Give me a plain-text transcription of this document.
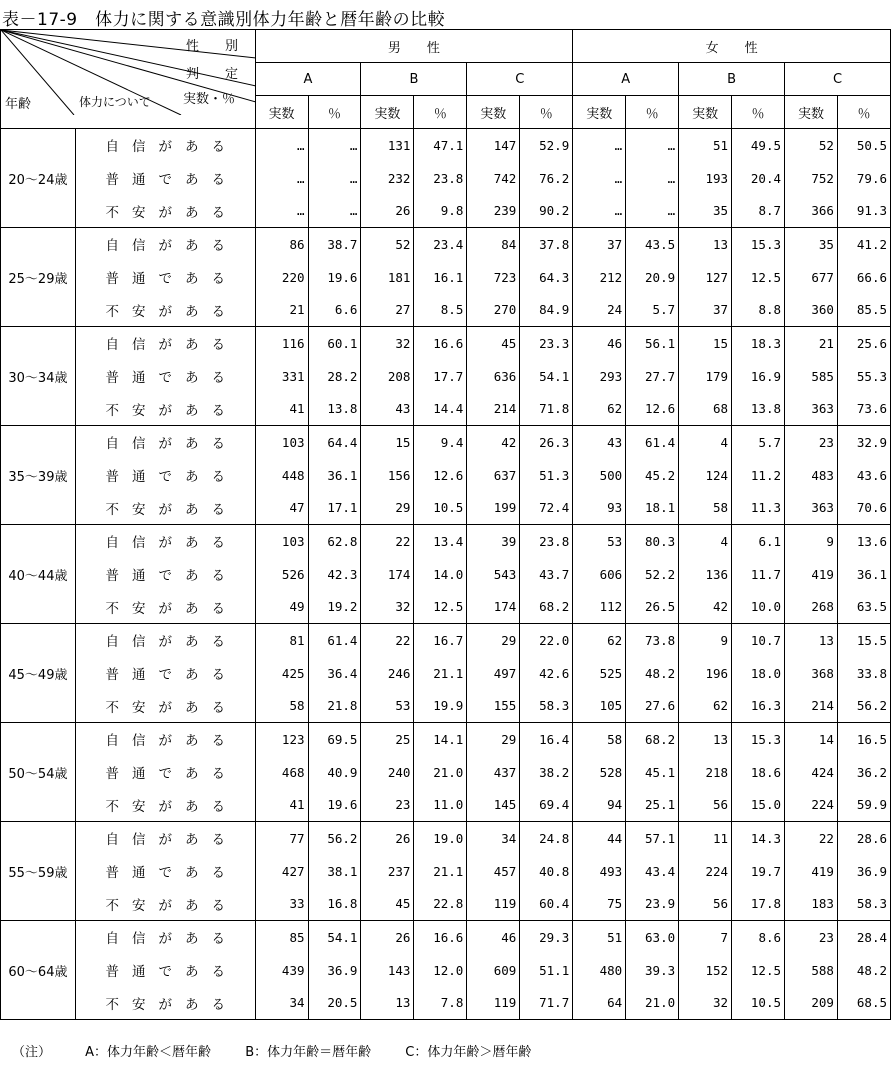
表－17-9　体力に関する意識別体力年齢と暦年齢の比較
性　　別
判　　定
実数・％
年齢 体力について		男　　性						女　　性					
		A		B		C		A		B		C	
		実数	％	実数	％	実数	％	実数	％	実数	％	実数	％
20～24歳	自信がある	…	…	131	47.1	147	52.9	…	…	51	49.5	52	50.5
	普通である	…	…	232	23.8	742	76.2	…	…	193	20.4	752	79.6
	不安がある	…	…	26	9.8	239	90.2	…	…	35	8.7	366	91.3
25～29歳	自信がある	86	38.7	52	23.4	84	37.8	37	43.5	13	15.3	35	41.2
	普通である	220	19.6	181	16.1	723	64.3	212	20.9	127	12.5	677	66.6
	不安がある	21	6.6	27	8.5	270	84.9	24	5.7	37	8.8	360	85.5
30～34歳	自信がある	116	60.1	32	16.6	45	23.3	46	56.1	15	18.3	21	25.6
	普通である	331	28.2	208	17.7	636	54.1	293	27.7	179	16.9	585	55.3
	不安がある	41	13.8	43	14.4	214	71.8	62	12.6	68	13.8	363	73.6
35～39歳	自信がある	103	64.4	15	9.4	42	26.3	43	61.4	4	5.7	23	32.9
	普通である	448	36.1	156	12.6	637	51.3	500	45.2	124	11.2	483	43.6
	不安がある	47	17.1	29	10.5	199	72.4	93	18.1	58	11.3	363	70.6
40～44歳	自信がある	103	62.8	22	13.4	39	23.8	53	80.3	4	6.1	9	13.6
	普通である	526	42.3	174	14.0	543	43.7	606	52.2	136	11.7	419	36.1
	不安がある	49	19.2	32	12.5	174	68.2	112	26.5	42	10.0	268	63.5
45～49歳	自信がある	81	61.4	22	16.7	29	22.0	62	73.8	9	10.7	13	15.5
	普通である	425	36.4	246	21.1	497	42.6	525	48.2	196	18.0	368	33.8
	不安がある	58	21.8	53	19.9	155	58.3	105	27.6	62	16.3	214	56.2
50～54歳	自信がある	123	69.5	25	14.1	29	16.4	58	68.2	13	15.3	14	16.5
	普通である	468	40.9	240	21.0	437	38.2	528	45.1	218	18.6	424	36.2
	不安がある	41	19.6	23	11.0	145	69.4	94	25.1	56	15.0	224	59.9
55～59歳	自信がある	77	56.2	26	19.0	34	24.8	44	57.1	11	14.3	22	28.6
	普通である	427	38.1	237	21.1	457	40.8	493	43.4	224	19.7	419	36.9
	不安がある	33	16.8	45	22.8	119	60.4	75	23.9	56	17.8	183	58.3
60～64歳	自信がある	85	54.1	26	16.6	46	29.3	51	63.0	7	8.6	23	28.4
	普通である	439	36.9	143	12.0	609	51.1	480	39.3	152	12.5	588	48.2
	不安がある	34	20.5	13	7.8	119	71.7	64	21.0	32	10.5	209	68.5
（注）	A：体力年齢＜暦年齢	B：体力年齢＝暦年齢	C：体力年齢＞暦年齢
